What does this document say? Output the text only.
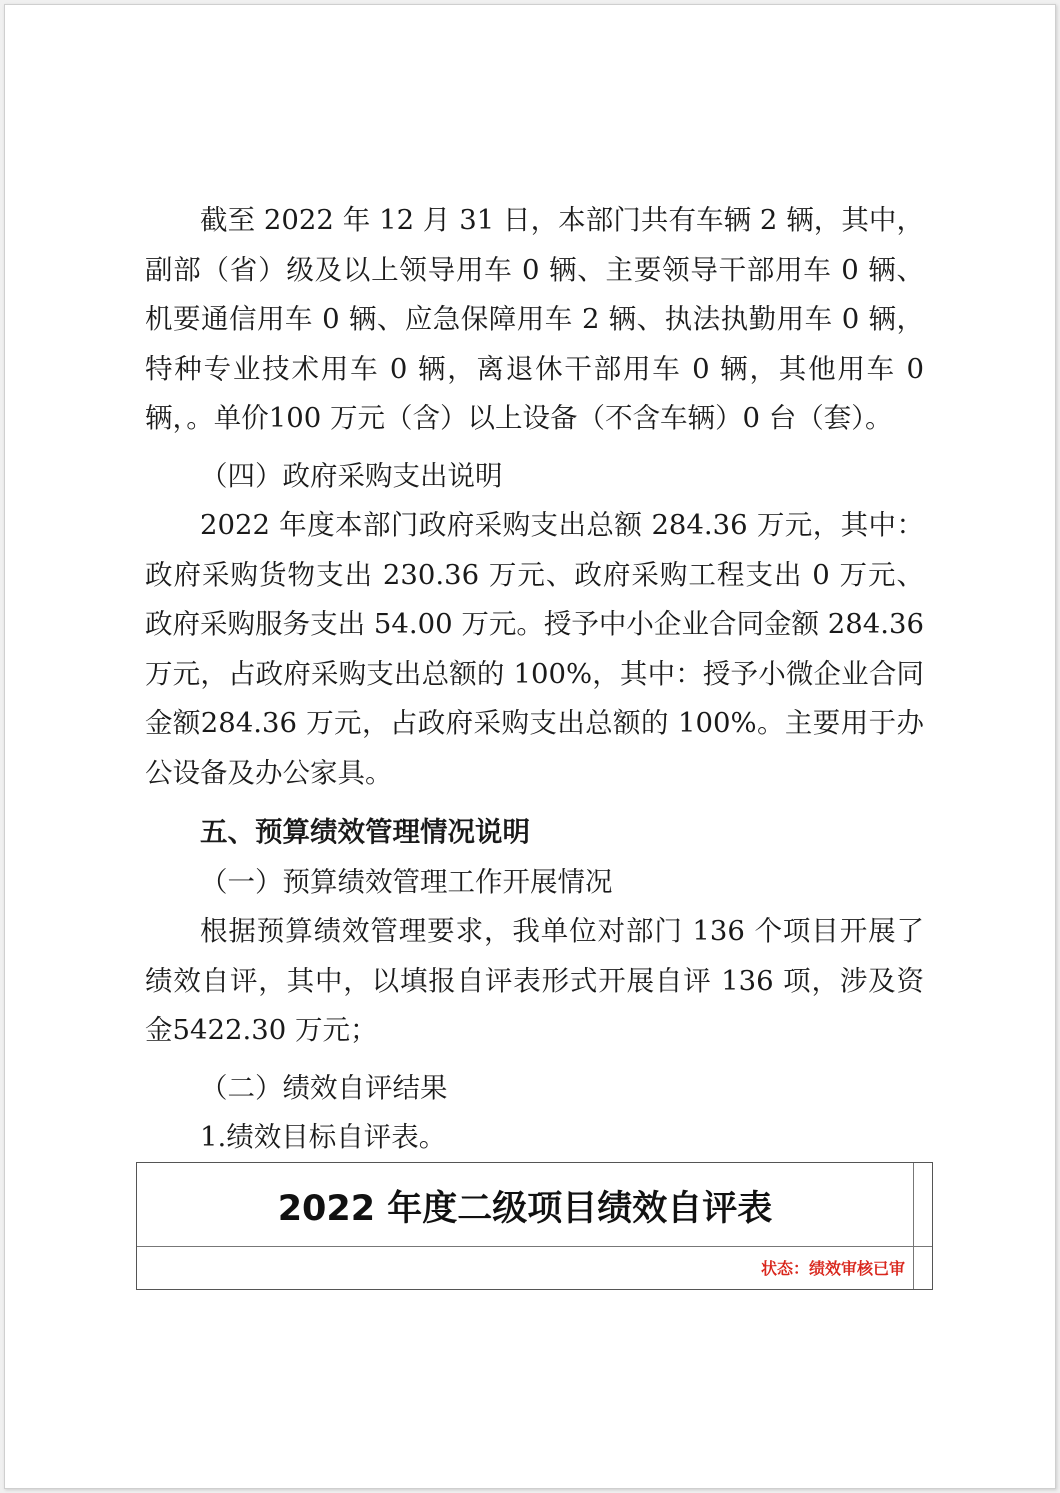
截至 2022 年 12 月 31 日，本部门共有车辆 2 辆，其中，副部（省）级及以上领导用车 0 辆、主要领导干部用车 0 辆、机要通信用车 0 辆、应急保障用车 2 辆、执法执勤用车 0 辆，特种专业技术用车 0 辆，离退休干部用车 0 辆，其他用车 0 辆，。单价100 万元（含）以上设备（不含车辆）0 台（套）。

（四）政府采购支出说明

2022 年度本部门政府采购支出总额 284.36 万元，其中：政府采购货物支出 230.36 万元、政府采购工程支出 0 万元、政府采购服务支出 54.00 万元。授予中小企业合同金额 284.36 万元，占政府采购支出总额的 100%，其中：授予小微企业合同金额284.36 万元，占政府采购支出总额的 100%。主要用于办公设备及办公家具。

五、预算绩效管理情况说明

（一）预算绩效管理工作开展情况

根据预算绩效管理要求，我单位对部门 136 个项目开展了绩效自评，其中，以填报自评表形式开展自评 136 项，涉及资金5422.30 万元；

（二）绩效自评结果

1.绩效目标自评表。

2022 年度二级项目绩效自评表
状态：绩效审核已审
